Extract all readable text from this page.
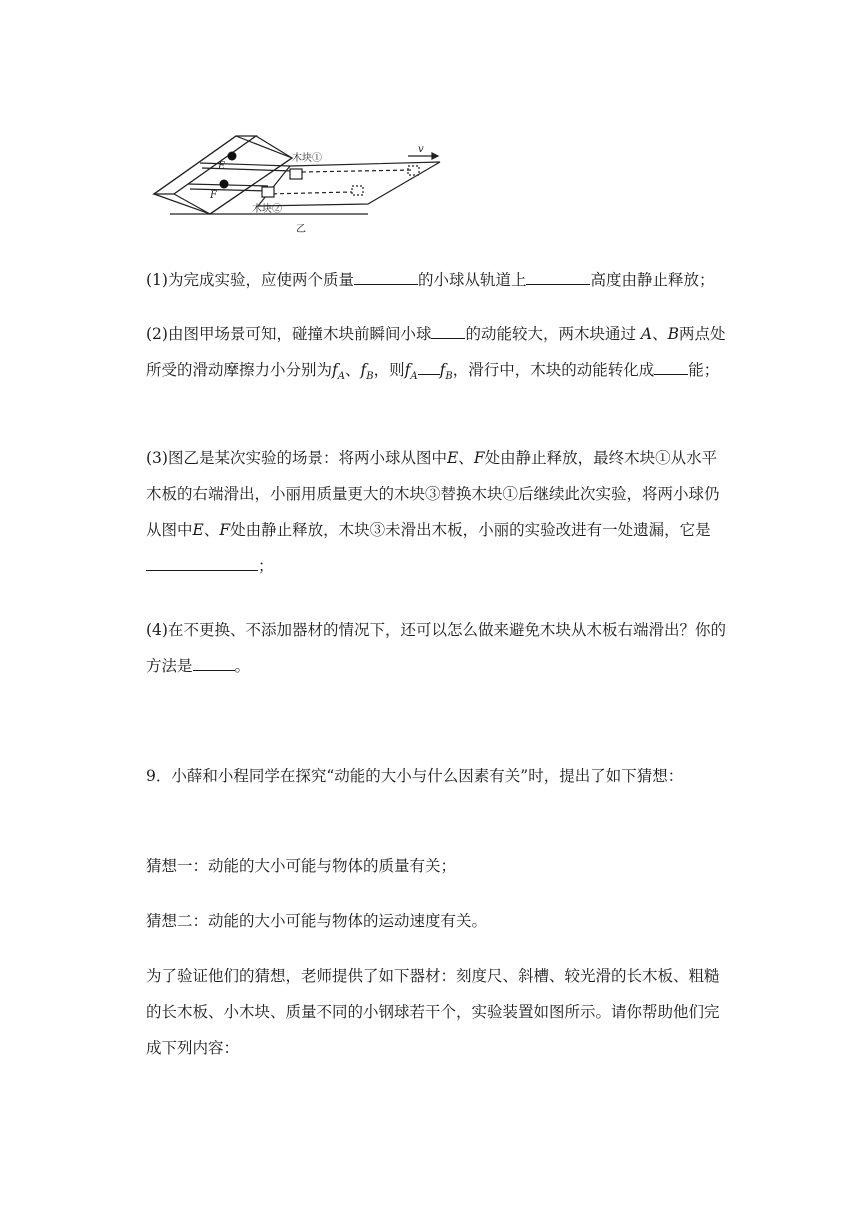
E
F
木块①
木块②
v
乙

(1)为完成实验，应使两个质量	的小球从轨道上	高度由静止释放；

(2)由图甲场景可知，碰撞木块前瞬间小球 的动能较大，两木块通过 A、B两点处所受的滑动摩擦力小分别为$f_A$、$f_B$，则$f_A$ $f_B$，滑行中，木块的动能转化成 能；

(3)图乙是某次实验的场景：将两小球从图中E、F处由静止释放，最终木块①从水平木板的右端滑出，小丽用质量更大的木块③替换木块①后继续此次实验，将两小球仍从图中E、F处由静止释放，木块③未滑出木板，小丽的实验改进有一处遗漏，它是；

(4)在不更换、不添加器材的情况下，还可以怎么做来避免木块从木板右端滑出？你的方法是	。

9．小薛和小程同学在探究“动能的大小与什么因素有关”时，提出了如下猜想：

猜想一：动能的大小可能与物体的质量有关；

猜想二：动能的大小可能与物体的运动速度有关。

为了验证他们的猜想，老师提供了如下器材：刻度尺、斜槽、较光滑的长木板、粗糙的长木板、小木块、质量不同的小钢球若干个，实验装置如图所示。请你帮助他们完成下列内容：
